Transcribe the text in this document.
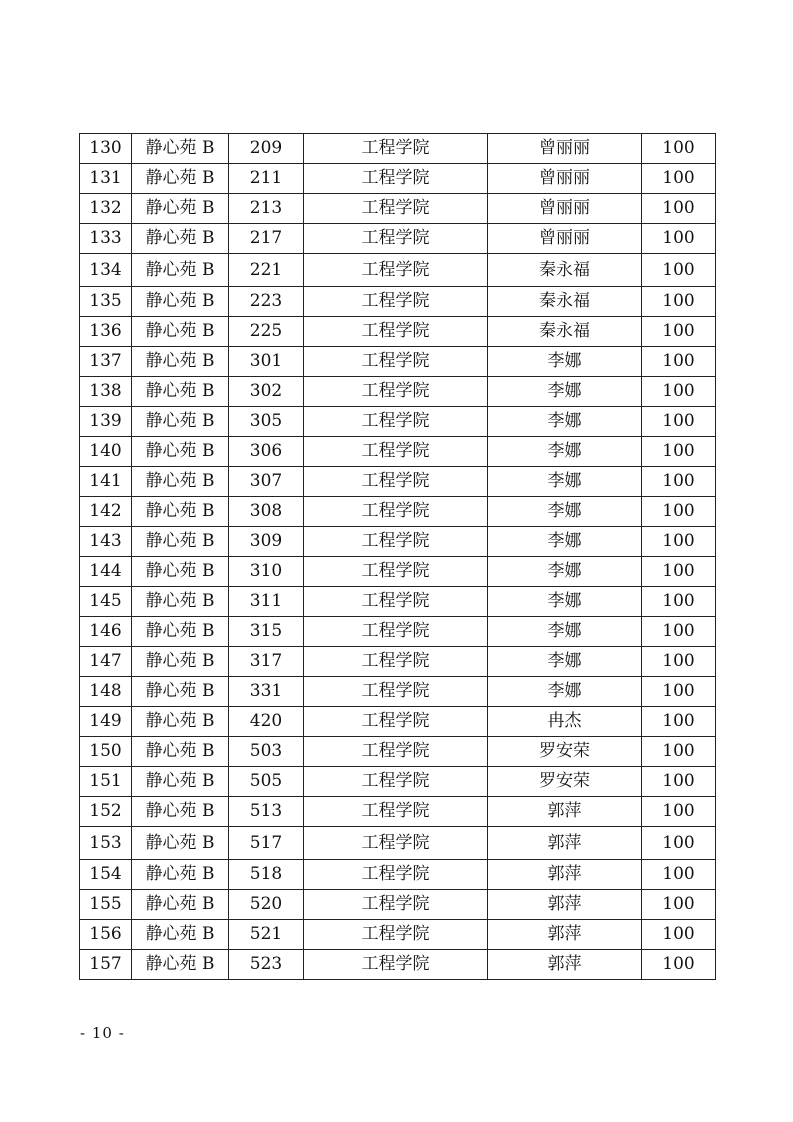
130	静心苑 B	209	工程学院	曾丽丽	100
131	静心苑 B	211	工程学院	曾丽丽	100
132	静心苑 B	213	工程学院	曾丽丽	100
133	静心苑 B	217	工程学院	曾丽丽	100
134	静心苑 B	221	工程学院	秦永福	100
135	静心苑 B	223	工程学院	秦永福	100
136	静心苑 B	225	工程学院	秦永福	100
137	静心苑 B	301	工程学院	李娜	100
138	静心苑 B	302	工程学院	李娜	100
139	静心苑 B	305	工程学院	李娜	100
140	静心苑 B	306	工程学院	李娜	100
141	静心苑 B	307	工程学院	李娜	100
142	静心苑 B	308	工程学院	李娜	100
143	静心苑 B	309	工程学院	李娜	100
144	静心苑 B	310	工程学院	李娜	100
145	静心苑 B	311	工程学院	李娜	100
146	静心苑 B	315	工程学院	李娜	100
147	静心苑 B	317	工程学院	李娜	100
148	静心苑 B	331	工程学院	李娜	100
149	静心苑 B	420	工程学院	冉杰	100
150	静心苑 B	503	工程学院	罗安荣	100
151	静心苑 B	505	工程学院	罗安荣	100
152	静心苑 B	513	工程学院	郭萍	100
153	静心苑 B	517	工程学院	郭萍	100
154	静心苑 B	518	工程学院	郭萍	100
155	静心苑 B	520	工程学院	郭萍	100
156	静心苑 B	521	工程学院	郭萍	100
157	静心苑 B	523	工程学院	郭萍	100
- 10 -
